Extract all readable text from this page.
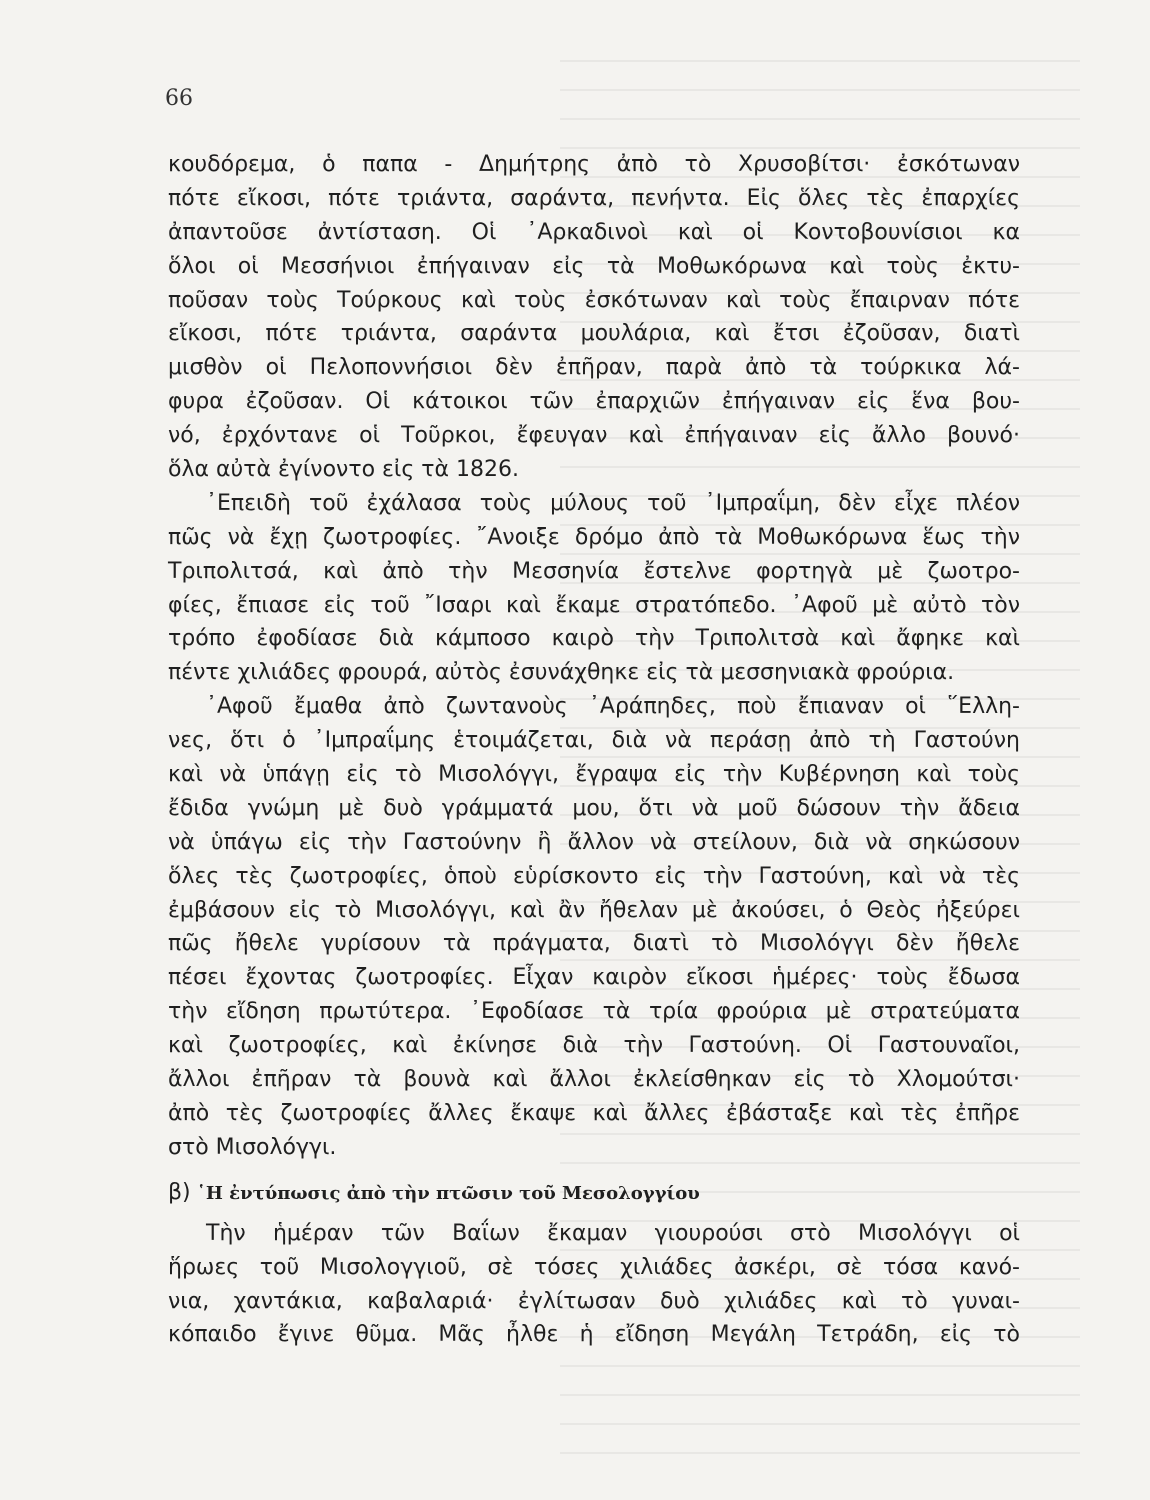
66
κουδόρεμα, ὁ παπα - Δημήτρης ἀπὸ τὸ Χρυσοβίτσι· ἐσκότωναν
πότε εἴκοσι, πότε τριάντα, σαράντα, πενήντα. Εἰς ὅλες τὲς ἐπαρχίες
ἀπαντοῦσε ἀντίσταση. Οἱ ᾿Αρκαδινοὶ καὶ οἱ Κοντοβουνίσιοι κα
ὅλοι οἱ Μεσσήνιοι ἐπήγαιναν εἰς τὰ Μοθωκόρωνα καὶ τοὺς ἐκτυ-
ποῦσαν τοὺς Τούρκους καὶ τοὺς ἐσκότωναν καὶ τοὺς ἔπαιρναν πότε
εἴκοσι, πότε τριάντα, σαράντα μουλάρια, καὶ ἔτσι ἐζοῦσαν, διατὶ
μισθὸν οἱ Πελοποννήσιοι δὲν ἐπῆραν, παρὰ ἀπὸ τὰ τούρκικα λά-
φυρα ἐζοῦσαν. Οἱ κάτοικοι τῶν ἐπαρχιῶν ἐπήγαιναν εἰς ἕνα βου-
νό, ἐρχόντανε οἱ Τοῦρκοι, ἔφευγαν καὶ ἐπήγαιναν εἰς ἄλλο βουνό·
ὅλα αὐτὰ ἐγίνοντο εἰς τὰ 1826.
᾿Επειδὴ τοῦ ἐχάλασα τοὺς μύλους τοῦ ᾿Ιμπραΐμη, δὲν εἶχε πλέον
πῶς νὰ ἔχῃ ζωοτροφίες. ῎Ανοιξε δρόμο ἀπὸ τὰ Μοθωκόρωνα ἕως τὴν
Τριπολιτσά, καὶ ἀπὸ τὴν Μεσσηνία ἔστελνε φορτηγὰ μὲ ζωοτρο-
φίες, ἔπιασε εἰς τοῦ ῎Ισαρι καὶ ἔκαμε στρατόπεδο. ᾿Αφοῦ μὲ αὐτὸ τὸν
τρόπο ἐφοδίασε διὰ κάμποσο καιρὸ τὴν Τριπολιτσὰ καὶ ἄφηκε καὶ
πέντε χιλιάδες φρουρά, αὐτὸς ἐσυνάχθηκε εἰς τὰ μεσσηνιακὰ φρούρια.
᾿Αφοῦ ἔμαθα ἀπὸ ζωντανοὺς ᾿Αράπηδες, ποὺ ἔπιαναν οἱ ῞Ελλη-
νες, ὅτι ὁ ᾿Ιμπραΐμης ἑτοιμάζεται, διὰ νὰ περάσῃ ἀπὸ τὴ Γαστούνη
καὶ νὰ ὑπάγῃ εἰς τὸ Μισολόγγι, ἔγραψα εἰς τὴν Κυβέρνηση καὶ τοὺς
ἔδιδα γνώμη μὲ δυὸ γράμματά μου, ὅτι νὰ μοῦ δώσουν τὴν ἄδεια
νὰ ὑπάγω εἰς τὴν Γαστούνην ἢ ἄλλον νὰ στείλουν, διὰ νὰ σηκώσουν
ὅλες τὲς ζωοτροφίες, ὁποὺ εὑρίσκοντο εἰς τὴν Γαστούνη, καὶ νὰ τὲς
ἐμβάσουν εἰς τὸ Μισολόγγι, καὶ ἂν ἤθελαν μὲ ἀκούσει, ὁ Θεὸς ἠξεύρει
πῶς ἤθελε γυρίσουν τὰ πράγματα, διατὶ τὸ Μισολόγγι δὲν ἤθελε
πέσει ἔχοντας ζωοτροφίες. Εἶχαν καιρὸν εἴκοσι ἡμέρες· τοὺς ἔδωσα
τὴν εἴδηση πρωτύτερα. ᾿Εφοδίασε τὰ τρία φρούρια μὲ στρατεύματα
καὶ ζωοτροφίες, καὶ ἐκίνησε διὰ τὴν Γαστούνη. Οἱ Γαστουναῖοι,
ἄλλοι ἐπῆραν τὰ βουνὰ καὶ ἄλλοι ἐκλείσθηκαν εἰς τὸ Χλομούτσι·
ἀπὸ τὲς ζωοτροφίες ἄλλες ἔκαψε καὶ ἄλλες ἐβάσταξε καὶ τὲς ἐπῆρε
στὸ Μισολόγγι.
β) ῾Η ἐντύπωσις ἀπὸ τὴν πτῶσιν τοῦ Μεσολογγίου
Τὴν ἡμέραν τῶν Βαΐων ἔκαμαν γιουρούσι στὸ Μισολόγγι οἱ
ἥρωες τοῦ Μισολογγιοῦ, σὲ τόσες χιλιάδες ἀσκέρι, σὲ τόσα κανό-
νια, χαντάκια, καβαλαριά· ἐγλίτωσαν δυὸ χιλιάδες καὶ τὸ γυναι-
κόπαιδο ἔγινε θῦμα. Μᾶς ἦλθε ἡ εἴδηση Μεγάλη Τετράδη, εἰς τὸ
